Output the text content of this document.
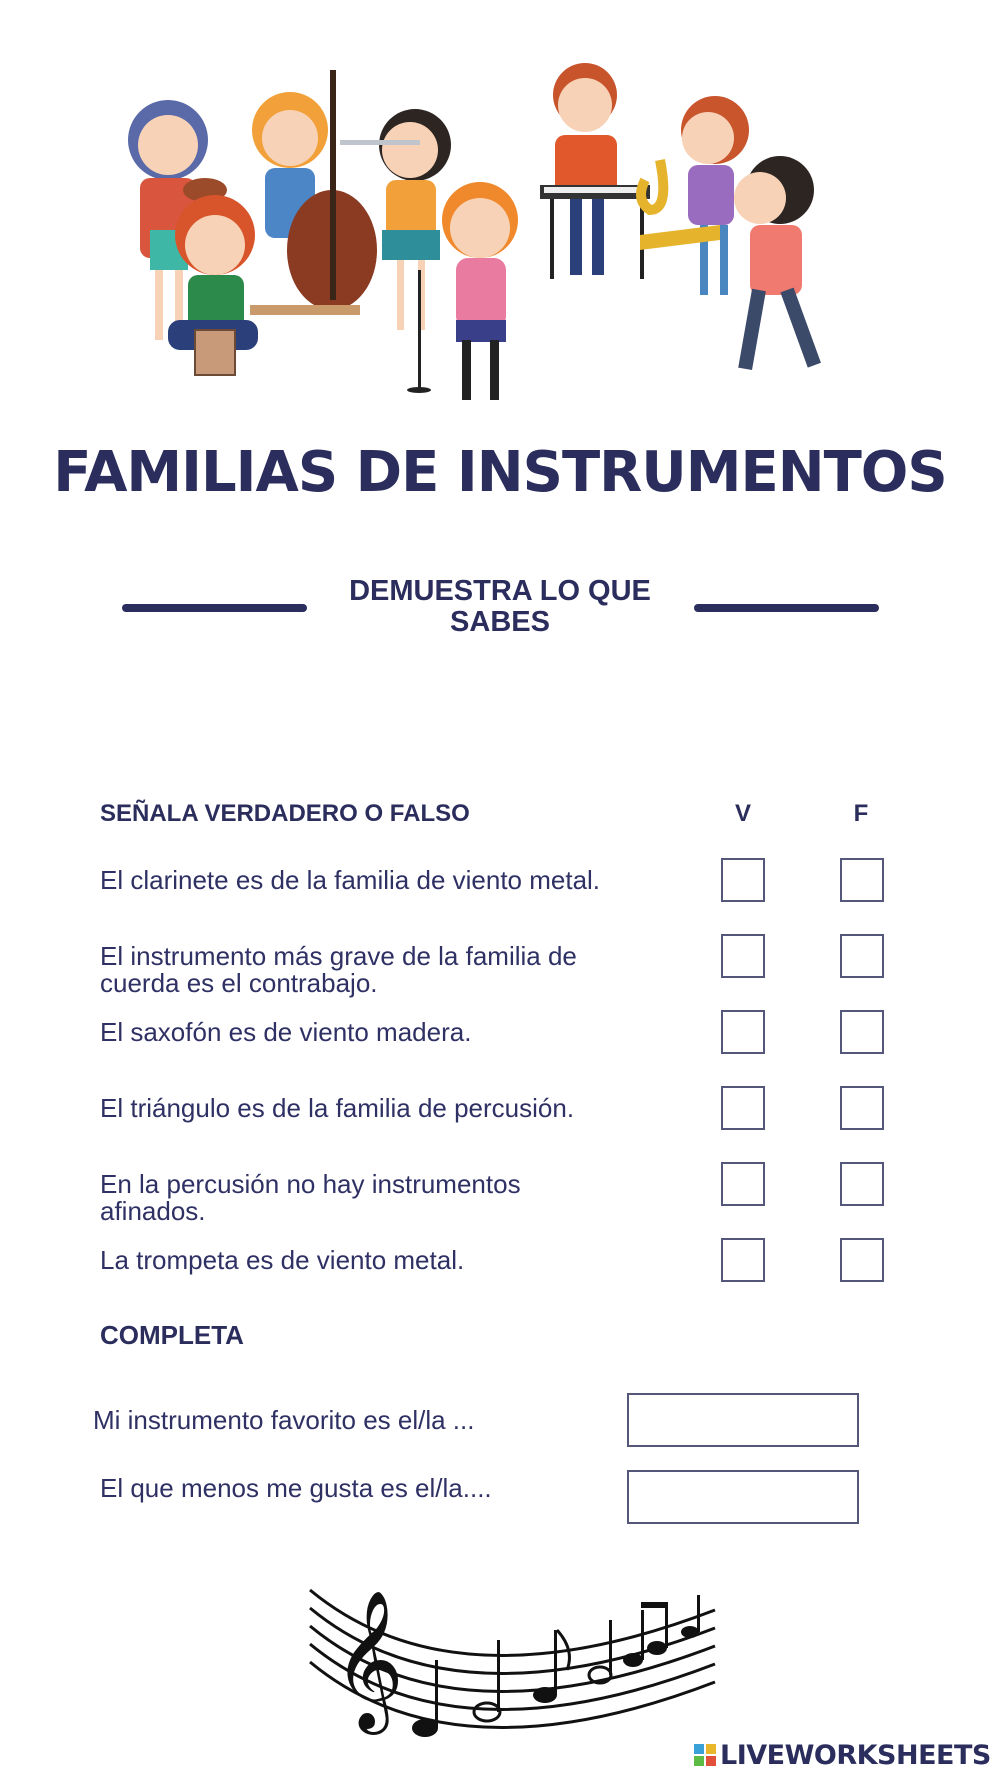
FAMILIAS DE INSTRUMENTOS
DEMUESTRA LO QUE
SABES
SEÑALA VERDADERO O FALSO	V	F
El clarinete es de la familia de viento metal.
El instrumento más grave de la familia de
cuerda es el contrabajo.
El saxofón es de viento madera.
El triángulo es de la familia de percusión.
En la percusión no hay instrumentos
afinados.
La trompeta es de viento metal.
COMPLETA
Mi instrumento favorito es el/la ...
El que menos me gusta es el/la....
𝄞
LIVEWORKSHEETS
